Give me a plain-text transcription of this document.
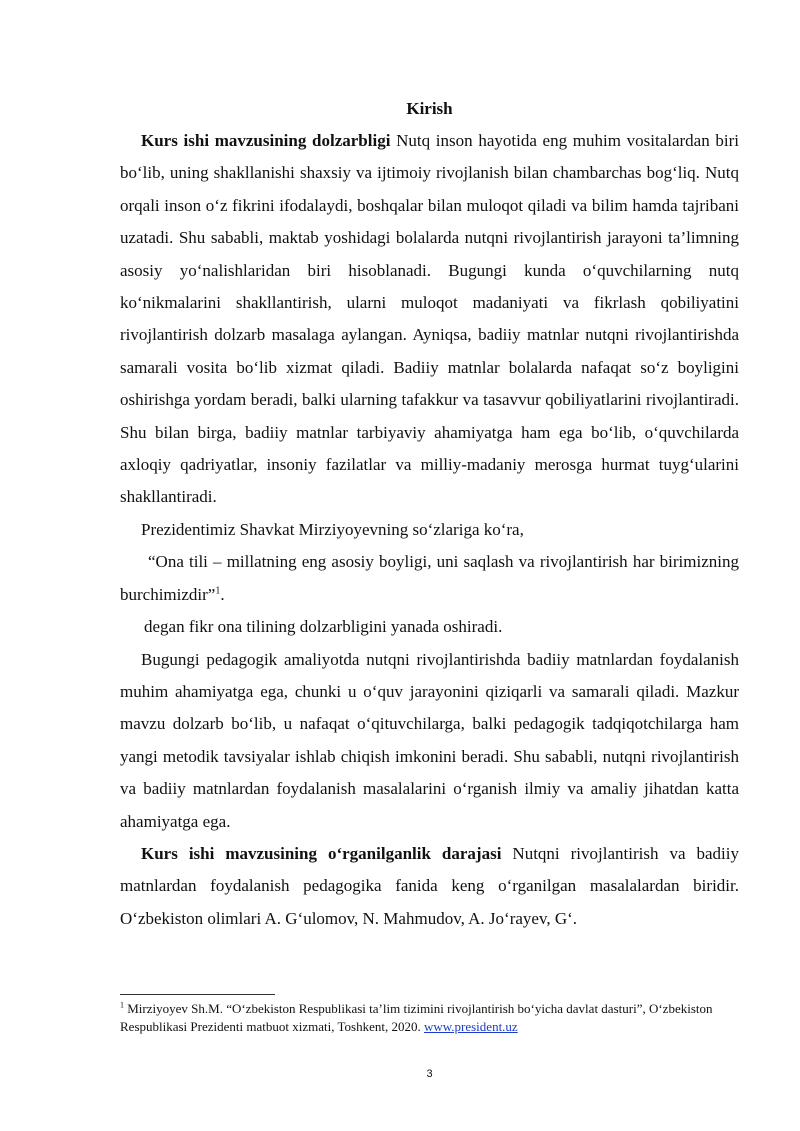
Kirish

Kurs ishi mavzusining dolzarbligi Nutq inson hayotida eng muhim vositalardan biri bo‘lib, uning shakllanishi shaxsiy va ijtimoiy rivojlanish bilan chambarchas bog‘liq. Nutq orqali inson o‘z fikrini ifodalaydi, boshqalar bilan muloqot qiladi va bilim hamda tajribani uzatadi. Shu sababli, maktab yoshidagi bolalarda nutqni rivojlantirish jarayoni ta’limning asosiy yo‘nalishlaridan biri hisoblanadi. Bugungi kunda o‘quvchilarning nutq ko‘nikmalarini shakllantirish, ularni muloqot madaniyati va fikrlash qobiliyatini rivojlantirish dolzarb masalaga aylangan. Ayniqsa, badiiy matnlar nutqni rivojlantirishda samarali vosita bo‘lib xizmat qiladi. Badiiy matnlar bolalarda nafaqat so‘z boyligini oshirishga yordam beradi, balki ularning tafakkur va tasavvur qobiliyatlarini rivojlantiradi. Shu bilan birga, badiiy matnlar tarbiyaviy ahamiyatga ham ega bo‘lib, o‘quvchilarda axloqiy qadriyatlar, insoniy fazilatlar va milliy-madaniy merosga hurmat tuyg‘ularini shakllantiradi.

Prezidentimiz Shavkat Mirziyoyevning so‘zlariga ko‘ra,

“Ona tili – millatning eng asosiy boyligi, uni saqlash va rivojlantirish har birimizning burchimizdir”$^1$.

degan fikr ona tilining dolzarbligini yanada oshiradi.

Bugungi pedagogik amaliyotda nutqni rivojlantirishda badiiy matnlardan foydalanish muhim ahamiyatga ega, chunki u o‘quv jarayonini qiziqarli va samarali qiladi. Mazkur mavzu dolzarb bo‘lib, u nafaqat o‘qituvchilarga, balki pedagogik tadqiqotchilarga ham yangi metodik tavsiyalar ishlab chiqish imkonini beradi. Shu sababli, nutqni rivojlantirish va badiiy matnlardan foydalanish masalalarini o‘rganish ilmiy va amaliy jihatdan katta ahamiyatga ega.

Kurs ishi mavzusining o‘rganilganlik darajasi Nutqni rivojlantirish va badiiy matnlardan foydalanish pedagogika fanida keng o‘rganilgan masalalardan biridir. O‘zbekiston olimlari A. G‘ulomov, N. Mahmudov, A. Jo‘rayev, G‘.

$^1$ Mirziyoyev Sh.M. “O‘zbekiston Respublikasi ta’lim tizimini rivojlantirish bo‘yicha davlat dasturi”, O‘zbekiston Respublikasi Prezidenti matbuot xizmati, Toshkent, 2020. www.president.uz
3
